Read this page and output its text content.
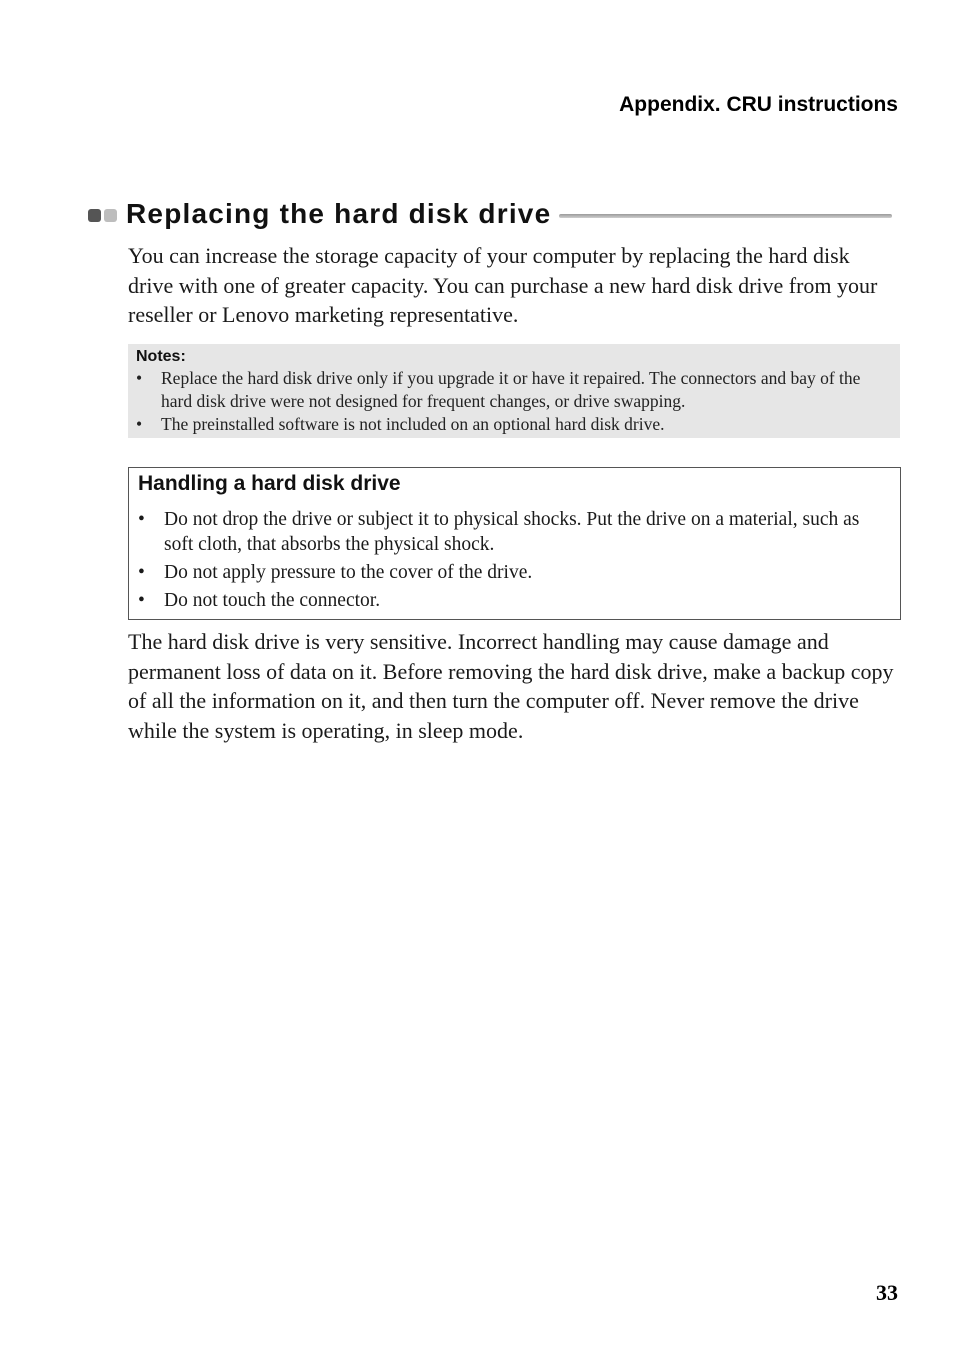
Appendix. CRU instructions
Replacing the hard disk drive

You can increase the storage capacity of your computer by replacing the hard disk drive with one of greater capacity. You can purchase a new hard disk drive from your reseller or Lenovo marketing representative.

Notes:
• Replace the hard disk drive only if you upgrade it or have it repaired. The connectors and bay of the hard disk drive were not designed for frequent changes, or drive swapping.
• The preinstalled software is not included on an optional hard disk drive.
Handling a hard disk drive
• Do not drop the drive or subject it to physical shocks. Put the drive on a material, such as soft cloth, that absorbs the physical shock.
• Do not apply pressure to the cover of the drive.
• Do not touch the connector.

The hard disk drive is very sensitive. Incorrect handling may cause damage and permanent loss of data on it. Before removing the hard disk drive, make a backup copy of all the information on it, and then turn the computer off. Never remove the drive while the system is operating, in sleep mode.

33
